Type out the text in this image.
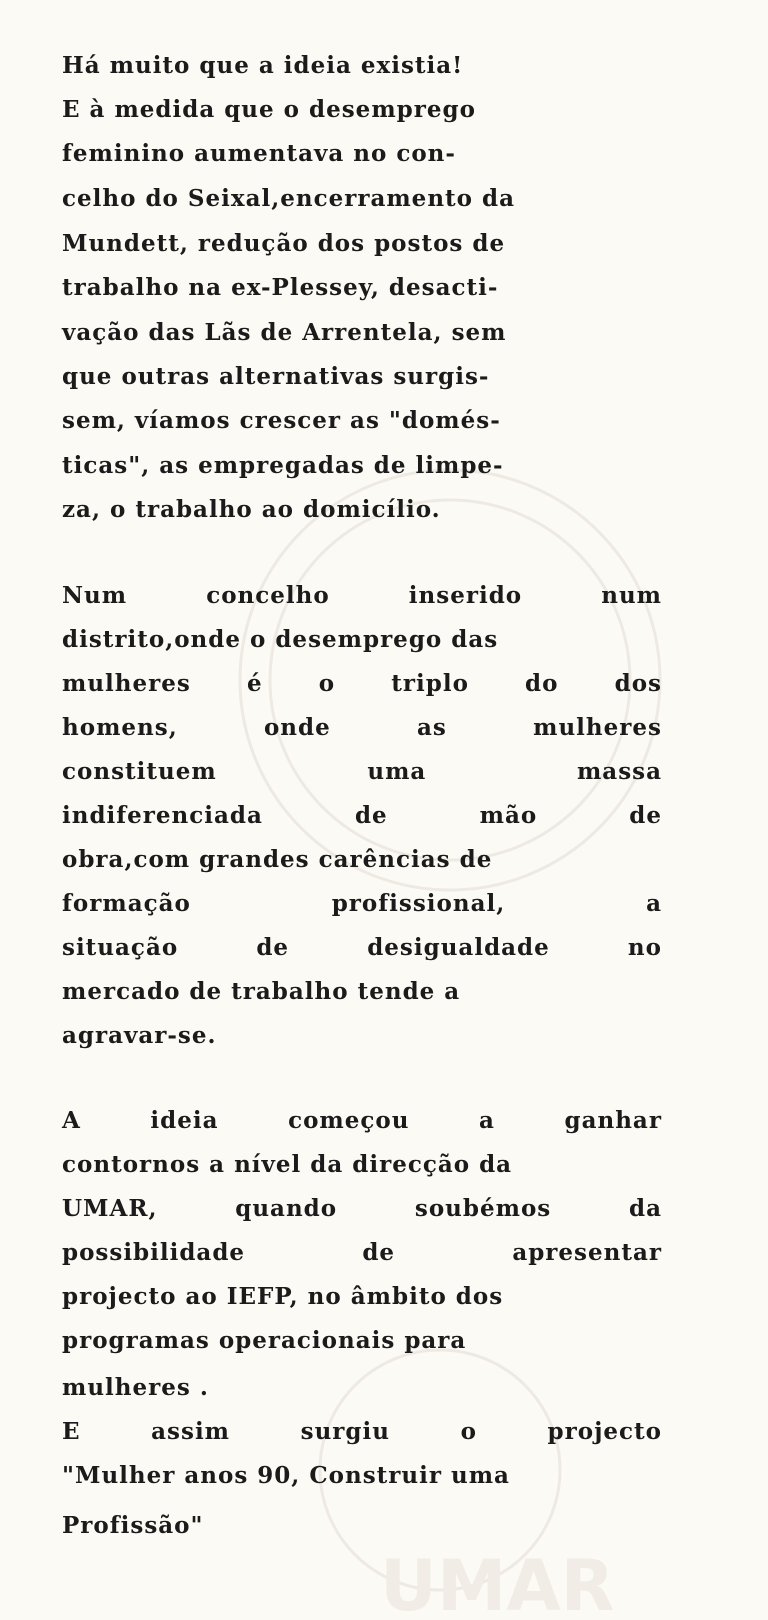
UMAR
Há muito que a ideia existia!
E à medida que o desemprego
feminino aumentava no con-
celho do Seixal,encerramento da
Mundett, redução dos postos de
trabalho na ex-Plessey, desacti-
vação das Lãs de Arrentela, sem
que outras alternativas surgis-
sem, víamos crescer as "domés-
ticas", as empregadas de limpe-
za, o trabalho ao domicílio.
Num	concelho	inserido	num
distrito,onde o desemprego das
mulheres é o triplo do dos
homens,	onde	as	mulheres
constituem	uma	massa
indiferenciada	de	mão	de
obra,com grandes carências de
formação	profissional,	a
situação	de	desigualdade	no
mercado de trabalho tende a
agravar-se.
A	ideia	começou	a	ganhar
contornos a nível da direcção da
UMAR,	quando	soubémos	da
possibilidade	de	apresentar
projecto ao IEFP, no âmbito dos
programas operacionais para
mulheres .
E	assim	surgiu	o	projecto
"Mulher anos 90, Construir uma
Profissão"
